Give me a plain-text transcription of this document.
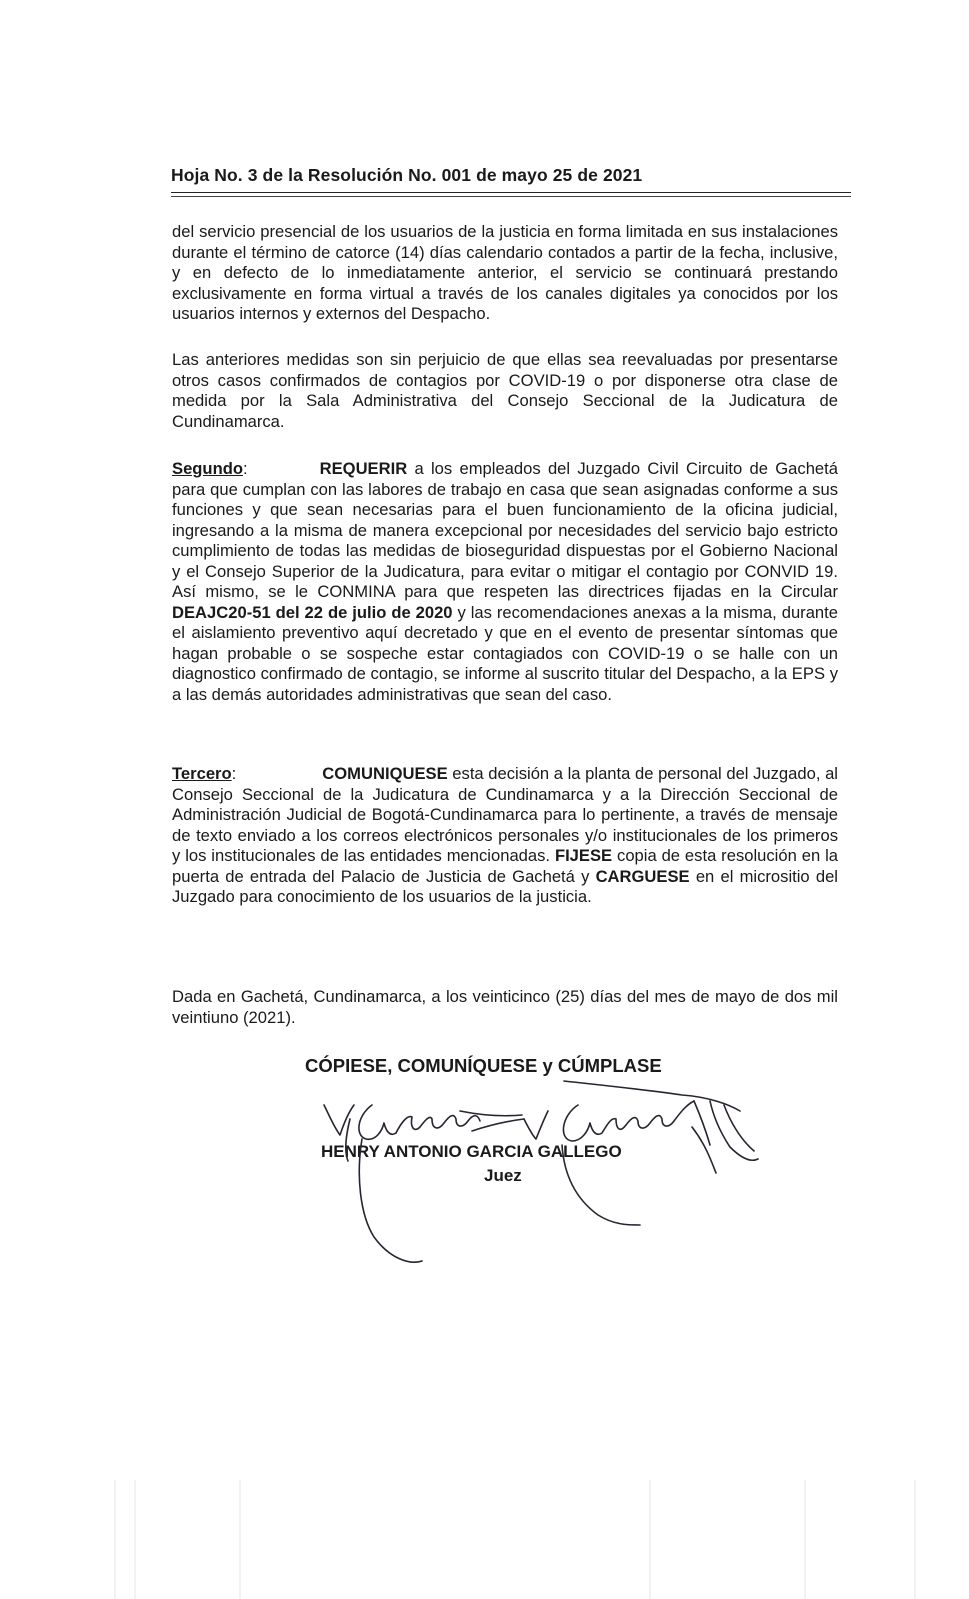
Hoja No. 3 de la Resolución No. 001 de mayo 25 de 2021
del servicio presencial de los usuarios de la justicia en forma limitada en sus instalaciones durante el término de catorce (14) días calendario contados a partir de la fecha, inclusive, y en defecto de lo inmediatamente anterior, el servicio se continuará prestando exclusivamente en forma virtual a través de los canales digitales ya conocidos por los usuarios internos y externos del Despacho.
Las anteriores medidas son sin perjuicio de que ellas sea reevaluadas por presentarse otros casos confirmados de contagios por COVID-19 o por disponerse otra clase de medida por la Sala Administrativa del Consejo Seccional de la Judicatura de Cundinamarca.
Segundo:	REQUERIR a los empleados del Juzgado Civil Circuito de Gachetá para que cumplan con las labores de trabajo en casa que sean asignadas conforme a sus funciones y que sean necesarias para el buen funcionamiento de la oficina judicial, ingresando a la misma de manera excepcional por necesidades del servicio bajo estricto cumplimiento de todas las medidas de bioseguridad dispuestas por el Gobierno Nacional y el Consejo Superior de la Judicatura, para evitar o mitigar el contagio por CONVID 19. Así mismo, se le CONMINA para que respeten las directrices fijadas en la Circular DEAJC20-51 del 22 de julio de 2020 y las recomendaciones anexas a la misma, durante el aislamiento preventivo aquí decretado y que en el evento de presentar síntomas que hagan probable o se sospeche estar contagiados con COVID-19 o se halle con un diagnostico confirmado de contagio, se informe al suscrito titular del Despacho, a la EPS y a las demás autoridades administrativas que sean del caso.
Tercero:	COMUNIQUESE esta decisión a la planta de personal del Juzgado, al Consejo Seccional de la Judicatura de Cundinamarca y a la Dirección Seccional de Administración Judicial de Bogotá-Cundinamarca para lo pertinente, a través de mensaje de texto enviado a los correos electrónicos personales y/o institucionales de los primeros y los institucionales de las entidades mencionadas. FIJESE copia de esta resolución en la puerta de entrada del Palacio de Justicia de Gachetá y CARGUESE en el micrositio del Juzgado para conocimiento de los usuarios de la justicia.
Dada en Gachetá, Cundinamarca, a los veinticinco (25) días del mes de mayo de dos mil veintiuno (2021).
CÓPIESE, COMUNÍQUESE y CÚMPLASE
HENRY ANTONIO GARCIA GALLEGO
Juez
